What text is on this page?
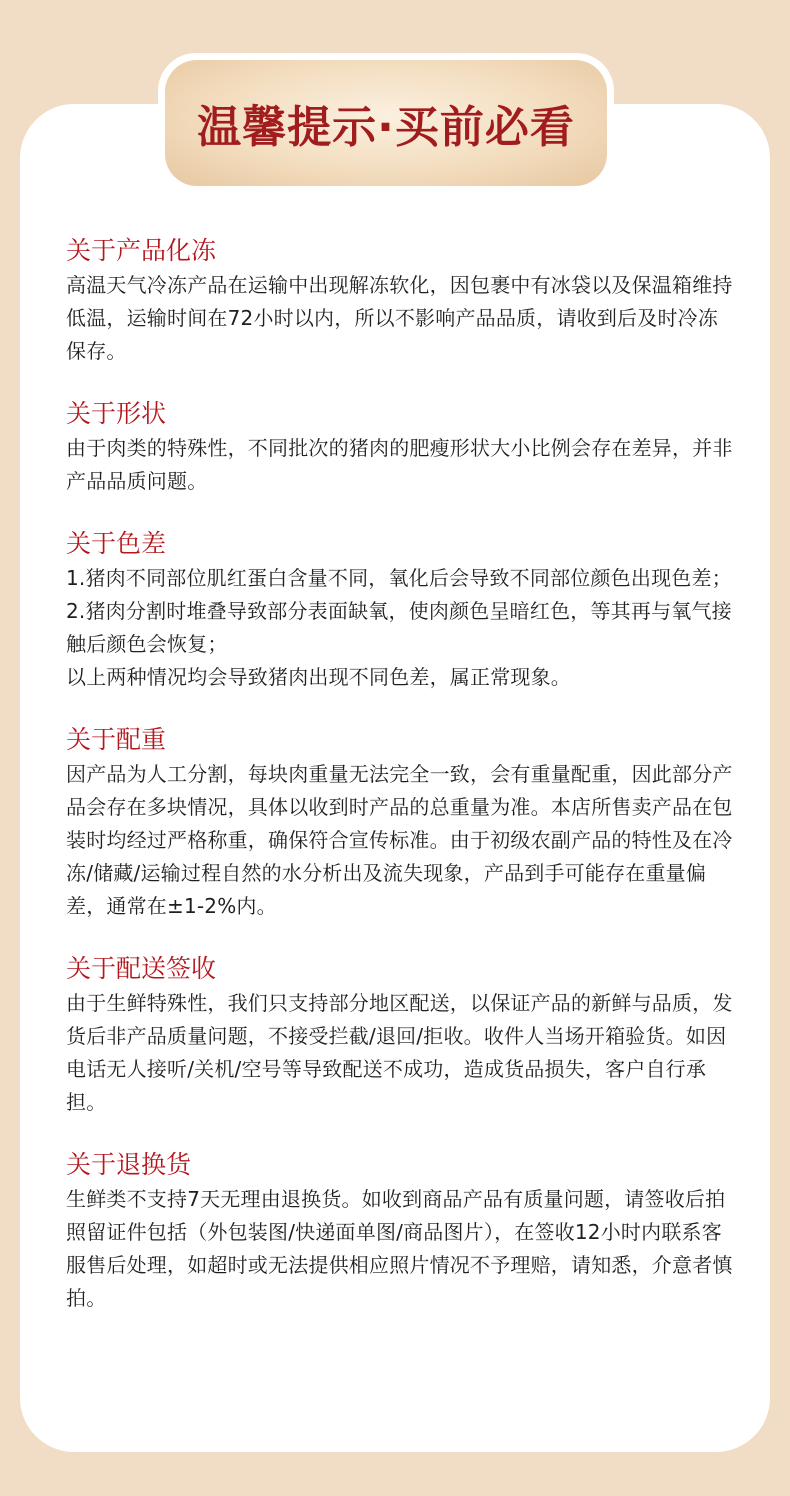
温馨提示·买前必看
关于产品化冻
高温天气冷冻产品在运输中出现解冻软化，因包裹中有冰袋以及保温箱维持低温，运输时间在72小时以内，所以不影响产品品质，请收到后及时冷冻保存。
关于形状
由于肉类的特殊性，不同批次的猪肉的肥瘦形状大小比例会存在差异，并非产品品质问题。
关于色差
1.猪肉不同部位肌红蛋白含量不同，氧化后会导致不同部位颜色出现色差；
2.猪肉分割时堆叠导致部分表面缺氧，使肉颜色呈暗红色，等其再与氧气接触后颜色会恢复；
以上两种情况均会导致猪肉出现不同色差，属正常现象。
关于配重
因产品为人工分割，每块肉重量无法完全一致，会有重量配重，因此部分产品会存在多块情况，具体以收到时产品的总重量为准。本店所售卖产品在包装时均经过严格称重，确保符合宣传标准。由于初级农副产品的特性及在冷冻/储藏/运输过程自然的水分析出及流失现象，产品到手可能存在重量偏差，通常在±1-2%内。
关于配送签收
由于生鲜特殊性，我们只支持部分地区配送，以保证产品的新鲜与品质，发货后非产品质量问题，不接受拦截/退回/拒收。收件人当场开箱验货。如因电话无人接听/关机/空号等导致配送不成功，造成货品损失，客户自行承担。
关于退换货
生鲜类不支持7天无理由退换货。如收到商品产品有质量问题，请签收后拍照留证件包括（外包装图/快递面单图/商品图片），在签收12小时内联系客服售后处理，如超时或无法提供相应照片情况不予理赔，请知悉，介意者慎拍。
